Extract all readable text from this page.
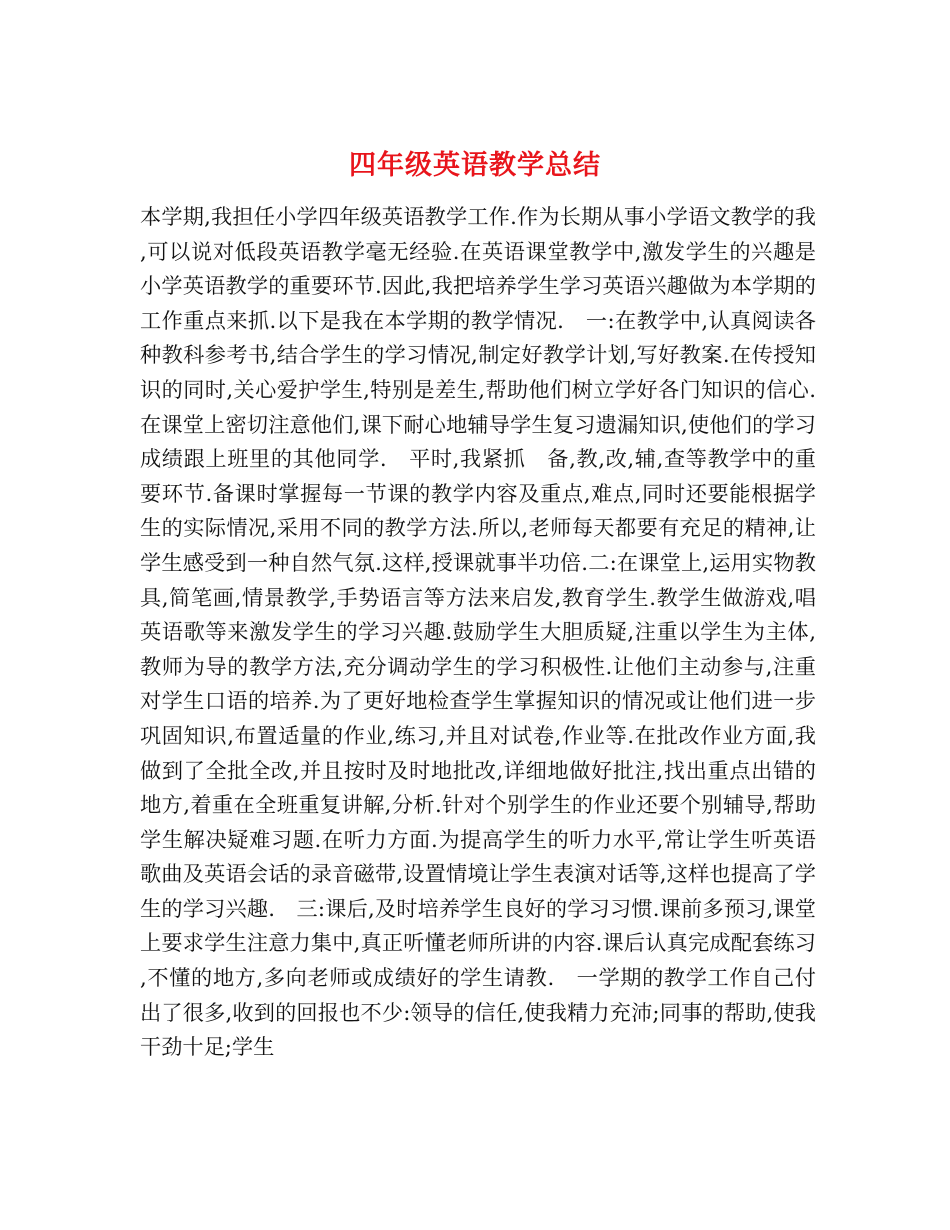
四年级英语教学总结

本学期,我担任小学四年级英语教学工作.作为长期从事小学语文教学的我,可以说对低段英语教学毫无经验.在英语课堂教学中,激发学生的兴趣是小学英语教学的重要环节.因此,我把培养学生学习英语兴趣做为本学期的工作重点来抓.以下是我在本学期的教学情况.　一:在教学中,认真阅读各种教科参考书,结合学生的学习情况,制定好教学计划,写好教案.在传授知识的同时,关心爱护学生,特别是差生,帮助他们树立学好各门知识的信心.在课堂上密切注意他们,课下耐心地辅导学生复习遗漏知识,使他们的学习成绩跟上班里的其他同学.　平时,我紧抓　备,教,改,辅,查等教学中的重要环节.备课时掌握每一节课的教学内容及重点,难点,同时还要能根据学生的实际情况,采用不同的教学方法.所以,老师每天都要有充足的精神,让学生感受到一种自然气氛.这样,授课就事半功倍.二:在课堂上,运用实物教具,简笔画,情景教学,手势语言等方法来启发,教育学生.教学生做游戏,唱英语歌等来激发学生的学习兴趣.鼓励学生大胆质疑,注重以学生为主体,教师为导的教学方法,充分调动学生的学习积极性.让他们主动参与,注重对学生口语的培养.为了更好地检查学生掌握知识的情况或让他们进一步巩固知识,布置适量的作业,练习,并且对试卷,作业等.在批改作业方面,我做到了全批全改,并且按时及时地批改,详细地做好批注,找出重点出错的地方,着重在全班重复讲解,分析.针对个别学生的作业还要个别辅导,帮助学生解决疑难习题.在听力方面.为提高学生的听力水平,常让学生听英语歌曲及英语会话的录音磁带,设置情境让学生表演对话等,这样也提高了学生的学习兴趣.　三:课后,及时培养学生良好的学习习惯.课前多预习,课堂上要求学生注意力集中,真正听懂老师所讲的内容.课后认真完成配套练习,不懂的地方,多向老师或成绩好的学生请教.　一学期的教学工作自己付出了很多,收到的回报也不少:领导的信任,使我精力充沛;同事的帮助,使我干劲十足;学生
